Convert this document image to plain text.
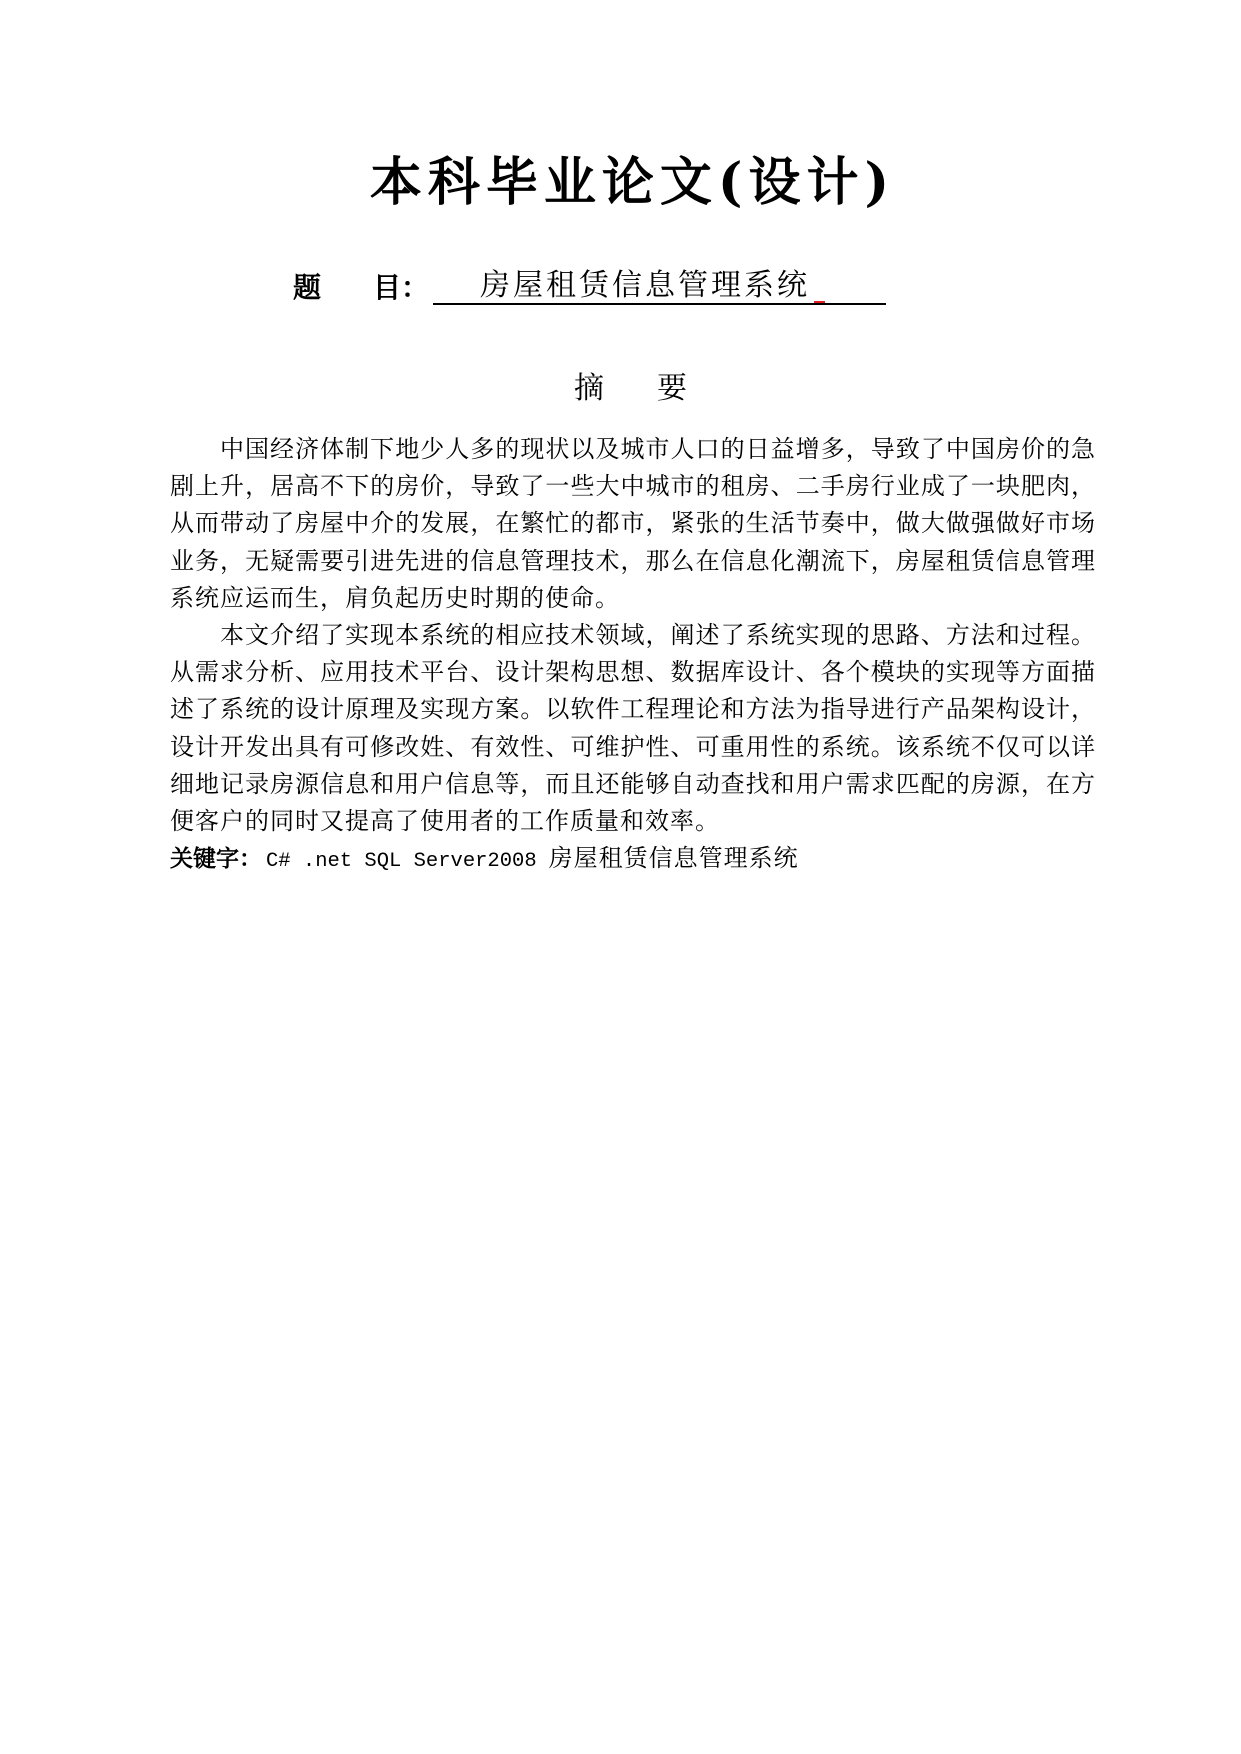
本科毕业论文(设计)
题 目： 房屋租赁信息管理系统
摘 要
中国经济体制下地少人多的现状以及城市人口的日益增多，导致了中国房价的急
剧上升，居高不下的房价，导致了一些大中城市的租房、二手房行业成了一块肥肉，
从而带动了房屋中介的发展，在繁忙的都市，紧张的生活节奏中，做大做强做好市场
业务，无疑需要引进先进的信息管理技术，那么在信息化潮流下，房屋租赁信息管理
系统应运而生，肩负起历史时期的使命。
本文介绍了实现本系统的相应技术领域，阐述了系统实现的思路、方法和过程。
从需求分析、应用技术平台、设计架构思想、数据库设计、各个模块的实现等方面描
述了系统的设计原理及实现方案。以软件工程理论和方法为指导进行产品架构设计，
设计开发出具有可修改姓、有效性、可维护性、可重用性的系统。该系统不仅可以详
细地记录房源信息和用户信息等，而且还能够自动查找和用户需求匹配的房源，在方
便客户的同时又提高了使用者的工作质量和效率。
关键字： C# .net SQL Server2008 房屋租赁信息管理系统
